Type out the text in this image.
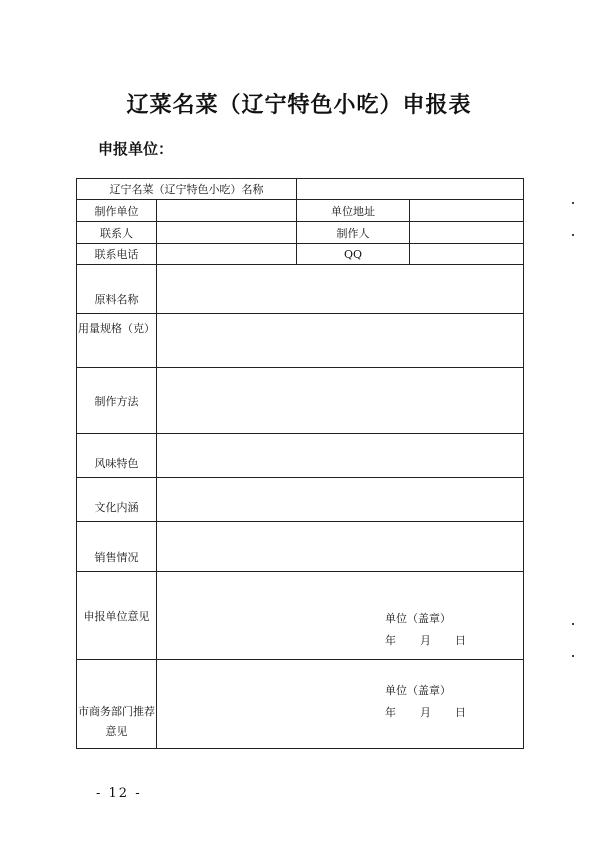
辽菜名菜（辽宁特色小吃）申报表
申报单位：
辽宁名菜（辽宁特色小吃）名称			
制作单位		单位地址	
联系人		制作人	
联系电话		QQ	
原料名称			
用量规格（克）			
制作方法			
风味特色			
文化内涵			
销售情况			
申报单位意见	单位（盖章）
年 月 日		

市商务部门推荐意见	单位（盖章）
年 月 日		
- 12 -
